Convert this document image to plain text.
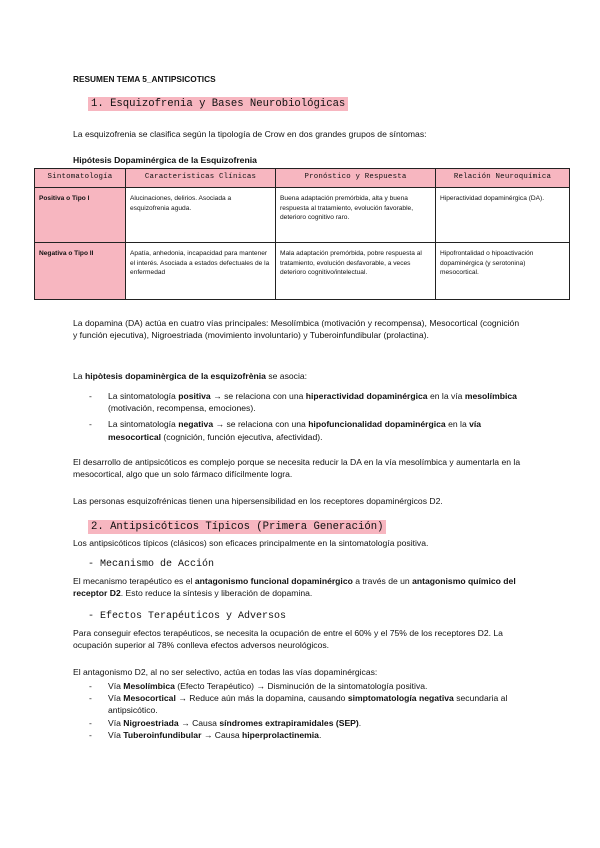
RESUMEN TEMA 5_ANTIPSICOTICS
1. Esquizofrenia y Bases Neurobiológicas
La esquizofrenia se clasifica según la tipología de Crow en dos grandes grupos de síntomas:
Hipótesis Dopaminérgica de la Esquizofrenia
Sintomatología	Características Clínicas	Pronóstico y Respuesta	Relación Neuroquímica
Positiva o Tipo I	Alucinaciones, delirios. Asociada a esquizofrenia aguda.	Buena adaptación premórbida, alta y buena respuesta al tratamiento, evolución favorable, deterioro cognitivo raro.	Hiperactividad dopaminérgica (DA).
Negativa o Tipo II	Apatía, anhedonia, incapacidad para mantener el interés. Asociada a estados defectuales de la enfermedad	Mala adaptación premórbida, pobre respuesta al tratamiento, evolución desfavorable, a veces deterioro cognitivo/intelectual.	Hipofrontalidad o hipoactivación dopaminérgica (y serotonina) mesocortical.
La dopamina (DA) actúa en cuatro vías principales: Mesolímbica (motivación y recompensa), Mesocortical (cognición y función ejecutiva), Nigroestriada (movimiento involuntario) y Tuberoinfundibular (prolactina).
La hipòtesis dopaminèrgica de la esquizofrènia se asocia:
- La sintomatología positiva → se relaciona con una hiperactividad dopaminérgica en la vía mesolímbica (motivación, recompensa, emociones).
- La sintomatología negativa → se relaciona con una hipofuncionalidad dopaminérgica en la vía mesocortical (cognición, función ejecutiva, afectividad).
El desarrollo de antipsicóticos es complejo porque se necesita reducir la DA en la vía mesolímbica y aumentarla en la mesocortical, algo que un solo fármaco difícilmente logra.
Las personas esquizofrénicas tienen una hipersensibilidad en los receptores dopaminérgicos D2.
2. Antipsicóticos Típicos (Primera Generación)
Los antipsicóticos típicos (clásicos) son eficaces principalmente en la sintomatología positiva.
- Mecanismo de Acción
El mecanismo terapéutico es el antagonismo funcional dopaminérgico a través de un antagonismo químico del receptor D2. Esto reduce la síntesis y liberación de dopamina.
- Efectos Terapéuticos y Adversos
Para conseguir efectos terapéuticos, se necesita la ocupación de entre el 60% y el 75% de los receptores D2. La ocupación superior al 78% conlleva efectos adversos neurológicos.
El antagonismo D2, al no ser selectivo, actúa en todas las vías dopaminérgicas:
- Vía Mesolímbica (Efecto Terapéutico) → Disminución de la sintomatología positiva.
- Vía Mesocortical → Reduce aún más la dopamina, causando simptomatología negativa secundaria al antipsicótico.
- Vía Nigroestriada → Causa síndromes extrapiramidales (SEP).
- Vía Tuberoinfundibular → Causa hiperprolactinemia.
